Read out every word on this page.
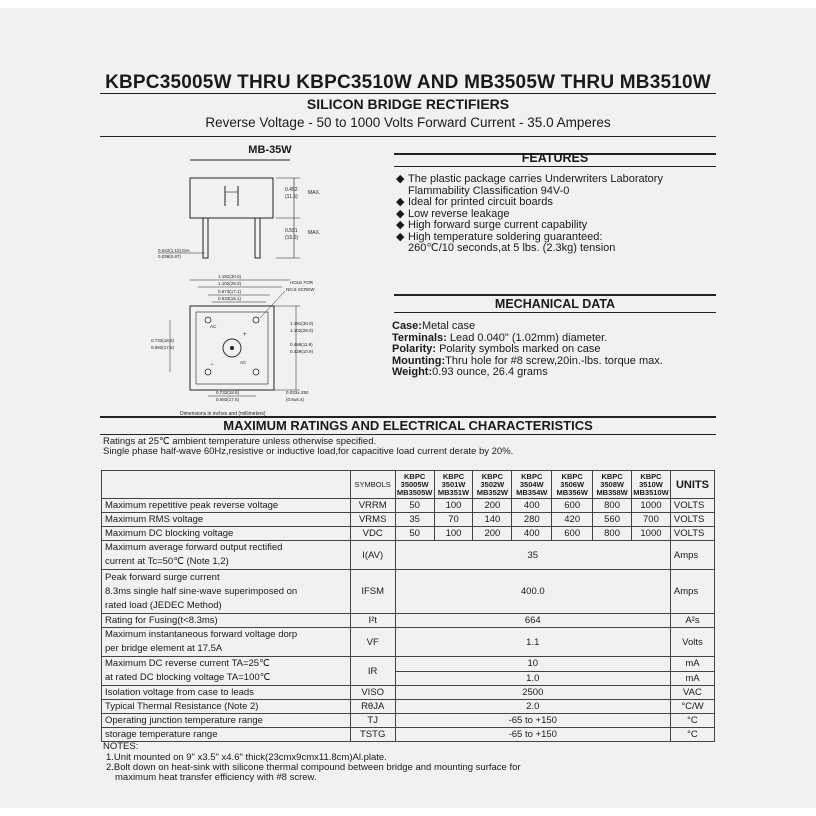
KBPC35005W THRU KBPC3510W AND MB3505W THRU MB3510W
SILICON BRIDGE RECTIFIERS
Reverse Voltage - 50 to 1000 Volts Forward Current - 35.0 Amperes
MB-35W
0.452
(11.5)
MAX.
0.591
(15.0)
MAX.
0.042(1.10) DIA.
0.038(0.97)
1.181(30.0)
1.102(28.0)
0.673(17.1)
0.633(16.1)
HOLE FOR
NO.8 SCREW
AC
AC
+
−
1.181(30.0)
1.102(28.0)
0.468(11.9)
0.429(10.9)
0.732(18.6)
0.692(17.6)
0.732(18.6)
0.692(17.6)
0.033±.250
(0.8±6.4)
Dimensions in inches and (millimeters)
FEATURES
◆ The plastic package carries Underwriters Laboratory
Flammability Classification 94V-0
◆ Ideal for printed circuit boards
◆ Low reverse leakage
◆ High forward surge current capability
◆ High temperature soldering guaranteed:
260℃/10 seconds,at 5 lbs. (2.3kg) tension
MECHANICAL DATA
Case:Metal case
Terminals: Lead 0.040" (1.02mm) diameter.
Polarity: Polarity symbols marked on case
Mounting:Thru hole for #8 screw,20in.-lbs. torque max.
Weight:0.93 ounce, 26.4 grams
MAXIMUM RATINGS AND ELECTRICAL CHARACTERISTICS
Ratings at 25℃ ambient temperature unless otherwise specified.
Single phase half-wave 60Hz,resistive or inductive load,for capacitive load current derate by 20%.
	SYMBOLS	KBPC
35005W
MB3505W	KBPC
3501W
MB351W	KBPC
3502W
MB352W	KBPC
3504W
MB354W	KBPC
3506W
MB356W	KBPC
3508W
MB358W	KBPC
3510W
MB3510W	UNITS
Maximum repetitive peak reverse voltage	VRRM	50	100	200	400	600	800	1000	VOLTS
Maximum RMS voltage	VRMS	35	70	140	280	420	560	700	VOLTS
Maximum DC blocking voltage	VDC	50	100	200	400	600	800	1000	VOLTS
Maximum average forward output rectified
current at Tc=50℃ (Note 1,2)	I(AV)	35							Amps
Peak forward surge current
8.3ms single half sine-wave superimposed on
rated load (JEDEC Method)	IFSM	400.0							Amps
Rating for Fusing(t<8.3ms)	I²t	664							A²s
Maximum instantaneous forward voltage dorp
per bridge element at 17.5A	VF	1.1							Volts
Maximum DC reverse current TA=25℃
at rated DC blocking voltage TA=100℃	IR	10							mA
		1.0							mA
Isolation voltage from case to leads	VISO	2500							VAC
Typical Thermal Resistance (Note 2)	RθJA	2.0							°C/W
Operating junction temperature range	TJ	-65 to +150							°C
storage temperature range	TSTG	-65 to +150							°C
NOTES:
1.Unit mounted on 9" x3.5" x4.6" thick(23cmx9cmx11.8cm)Al.plate.
2.Bolt down on heat-sink with silicone thermal compound between bridge and mounting surface for
maximum heat transfer efficiency with #8 screw.
